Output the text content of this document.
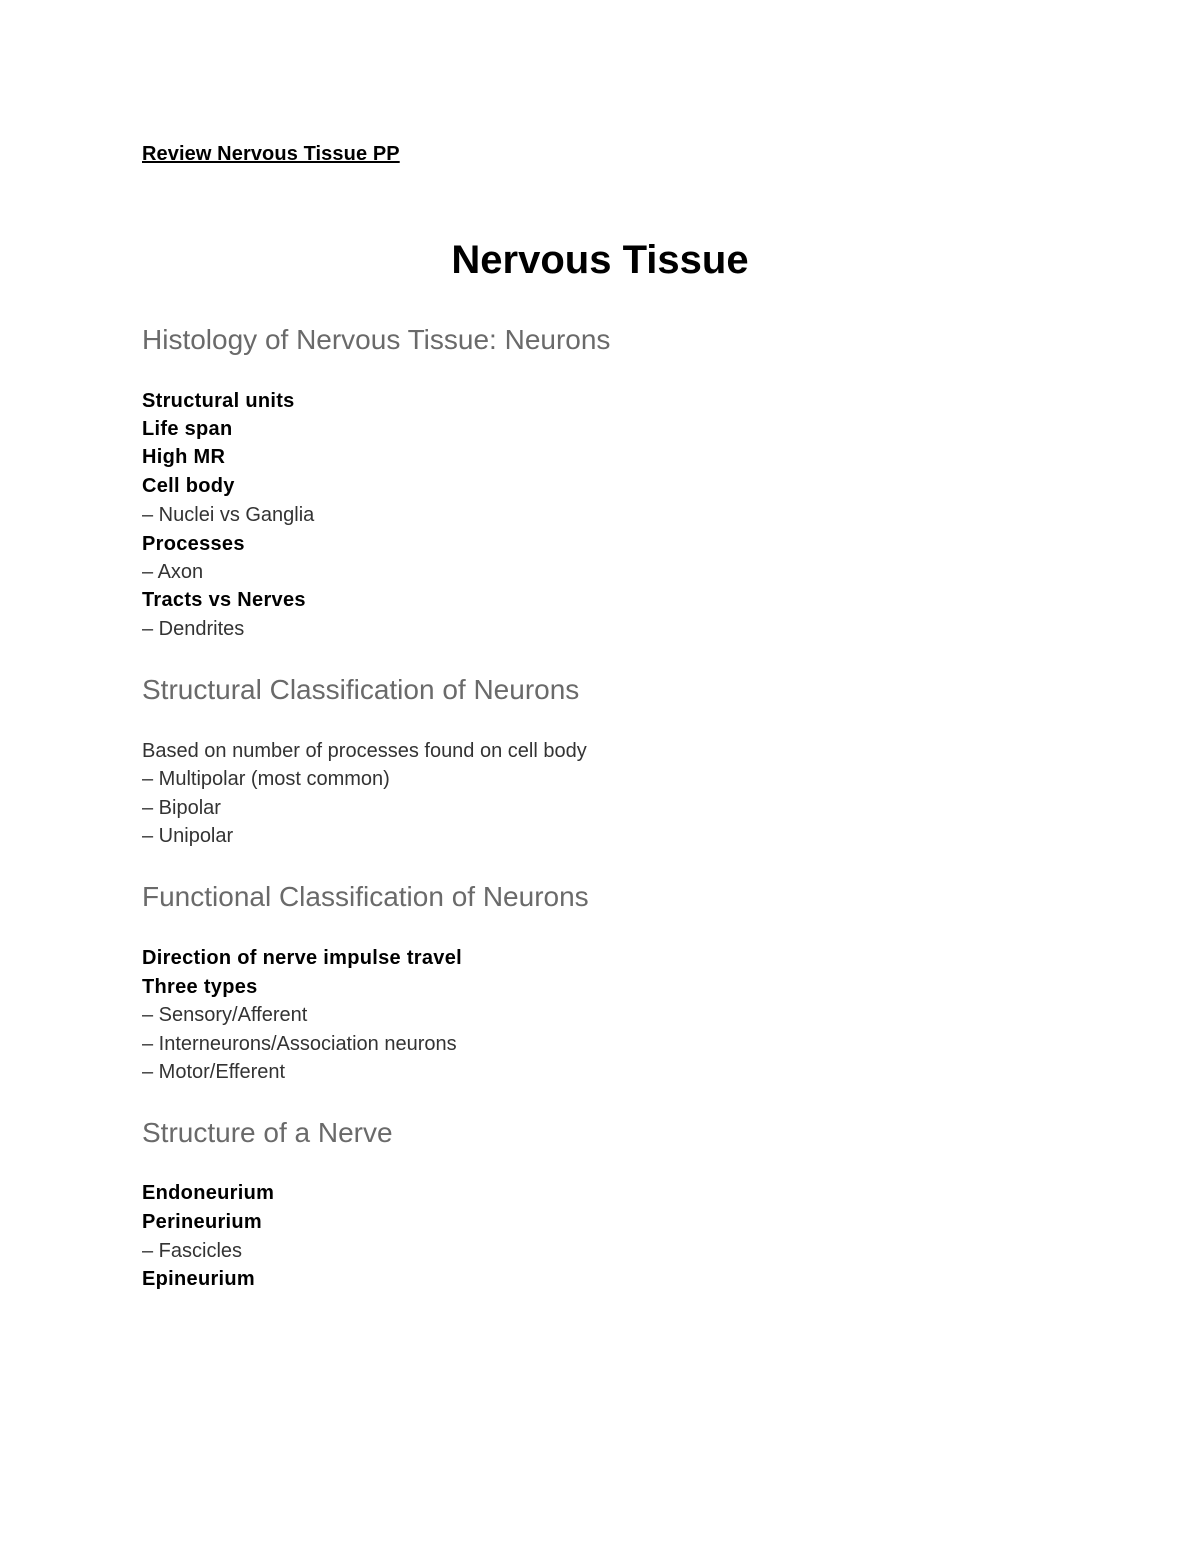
Review Nervous Tissue PP
Nervous Tissue
Histology of Nervous Tissue: Neurons
Structural units
Life span
High MR
Cell body
– Nuclei vs Ganglia
Processes
– Axon
Tracts vs Nerves
– Dendrites
Structural Classification of Neurons
Based on number of processes found on cell body
– Multipolar (most common)
– Bipolar
– Unipolar
Functional Classification of Neurons
Direction of nerve impulse travel
Three types
– Sensory/Afferent
– Interneurons/Association neurons
– Motor/Efferent
Structure of a Nerve
Endoneurium
Perineurium
– Fascicles
Epineurium
